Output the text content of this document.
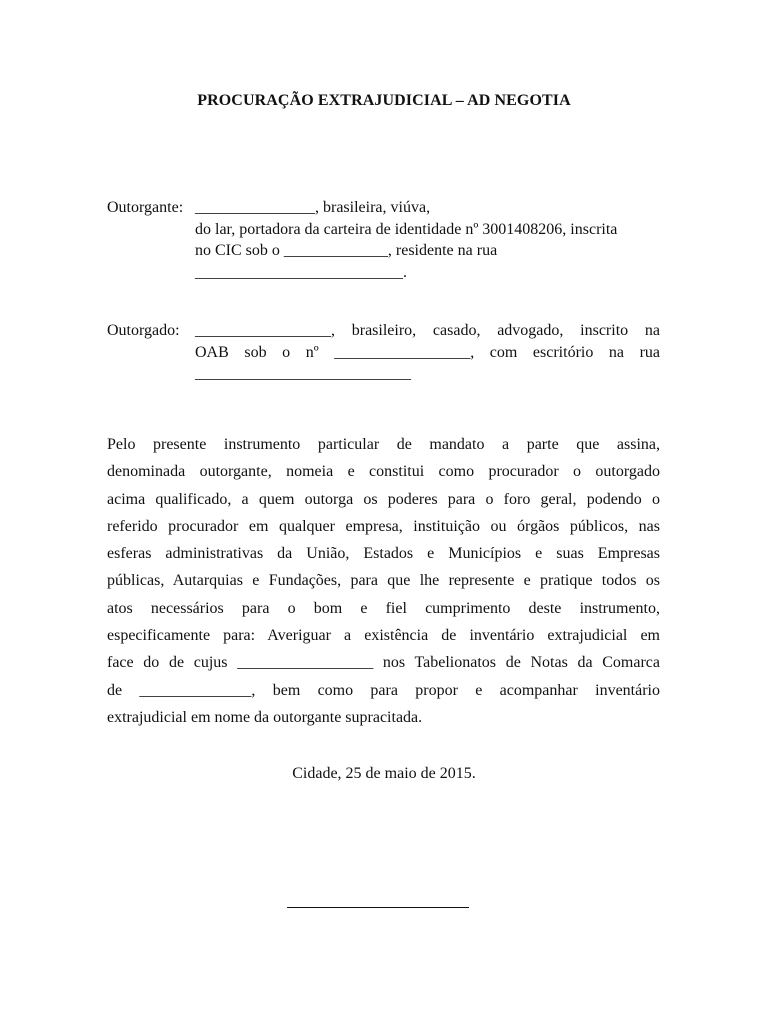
PROCURAÇÃO EXTRAJUDICIAL – AD NEGOTIA
Outorgante: _______________, brasileira, viúva,
do lar, portadora da carteira de identidade nº 3001408206, inscrita
no CIC sob o _____________, residente na rua
__________________________.
Outorgado: _________________, brasileiro, casado, advogado, inscrito na
OAB sob o nº _________________, com escritório na rua
___________________________
Pelo presente instrumento particular de mandato a parte que assina,
denominada outorgante, nomeia e constitui como procurador o outorgado
acima qualificado, a quem outorga os poderes para o foro geral, podendo o
referido procurador em qualquer empresa, instituição ou órgãos públicos, nas
esferas administrativas da União, Estados e Municípios e suas Empresas
públicas, Autarquias e Fundações, para que lhe represente e pratique todos os
atos necessários para o bom e fiel cumprimento deste instrumento,
especificamente para: Averiguar a existência de inventário extrajudicial em
face do de cujus _________________ nos Tabelionatos de Notas da Comarca
de ______________, bem como para propor e acompanhar inventário
extrajudicial em nome da outorgante supracitada.
Cidade, 25 de maio de 2015.
